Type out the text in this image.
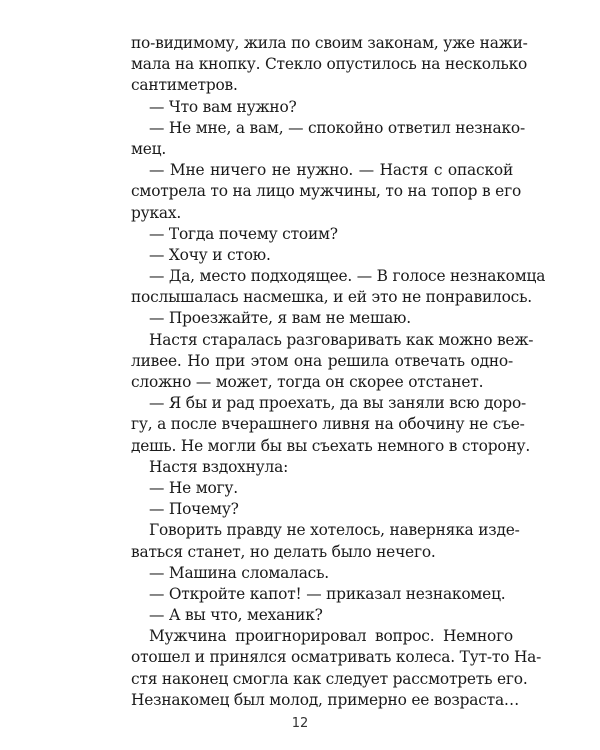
по-видимому, жила по своим законам, уже нажи-
мала на кнопку. Стекло опустилось на несколько
сантиметров.
— Что вам нужно?
— Не мне, а вам, — спокойно ответил незнако-
мец.
— Мне ничего не нужно. — Настя с опаской
смотрела то на лицо мужчины, то на топор в его
руках.
— Тогда почему стоим?
— Хочу и стою.
— Да, место подходящее. — В голосе незнакомца
послышалась насмешка, и ей это не понравилось.
— Проезжайте, я вам не мешаю.
Настя старалась разговаривать как можно веж-
ливее. Но при этом она решила отвечать одно-
сложно — может, тогда он скорее отстанет.
— Я бы и рад проехать, да вы заняли всю доро-
гу, а после вчерашнего ливня на обочину не съе-
дешь. Не могли бы вы съехать немного в сторону.
Настя вздохнула:
— Не могу.
— Почему?
Говорить правду не хотелось, наверняка изде-
ваться станет, но делать было нечего.
— Машина сломалась.
— Откройте капот! — приказал незнакомец.
— А вы что, механик?
Мужчина проигнорировал вопрос. Немного
отошел и принялся осматривать колеса. Тут-то На-
стя наконец смогла как следует рассмотреть его.
Незнакомец был молод, примерно ее возраста…
12
